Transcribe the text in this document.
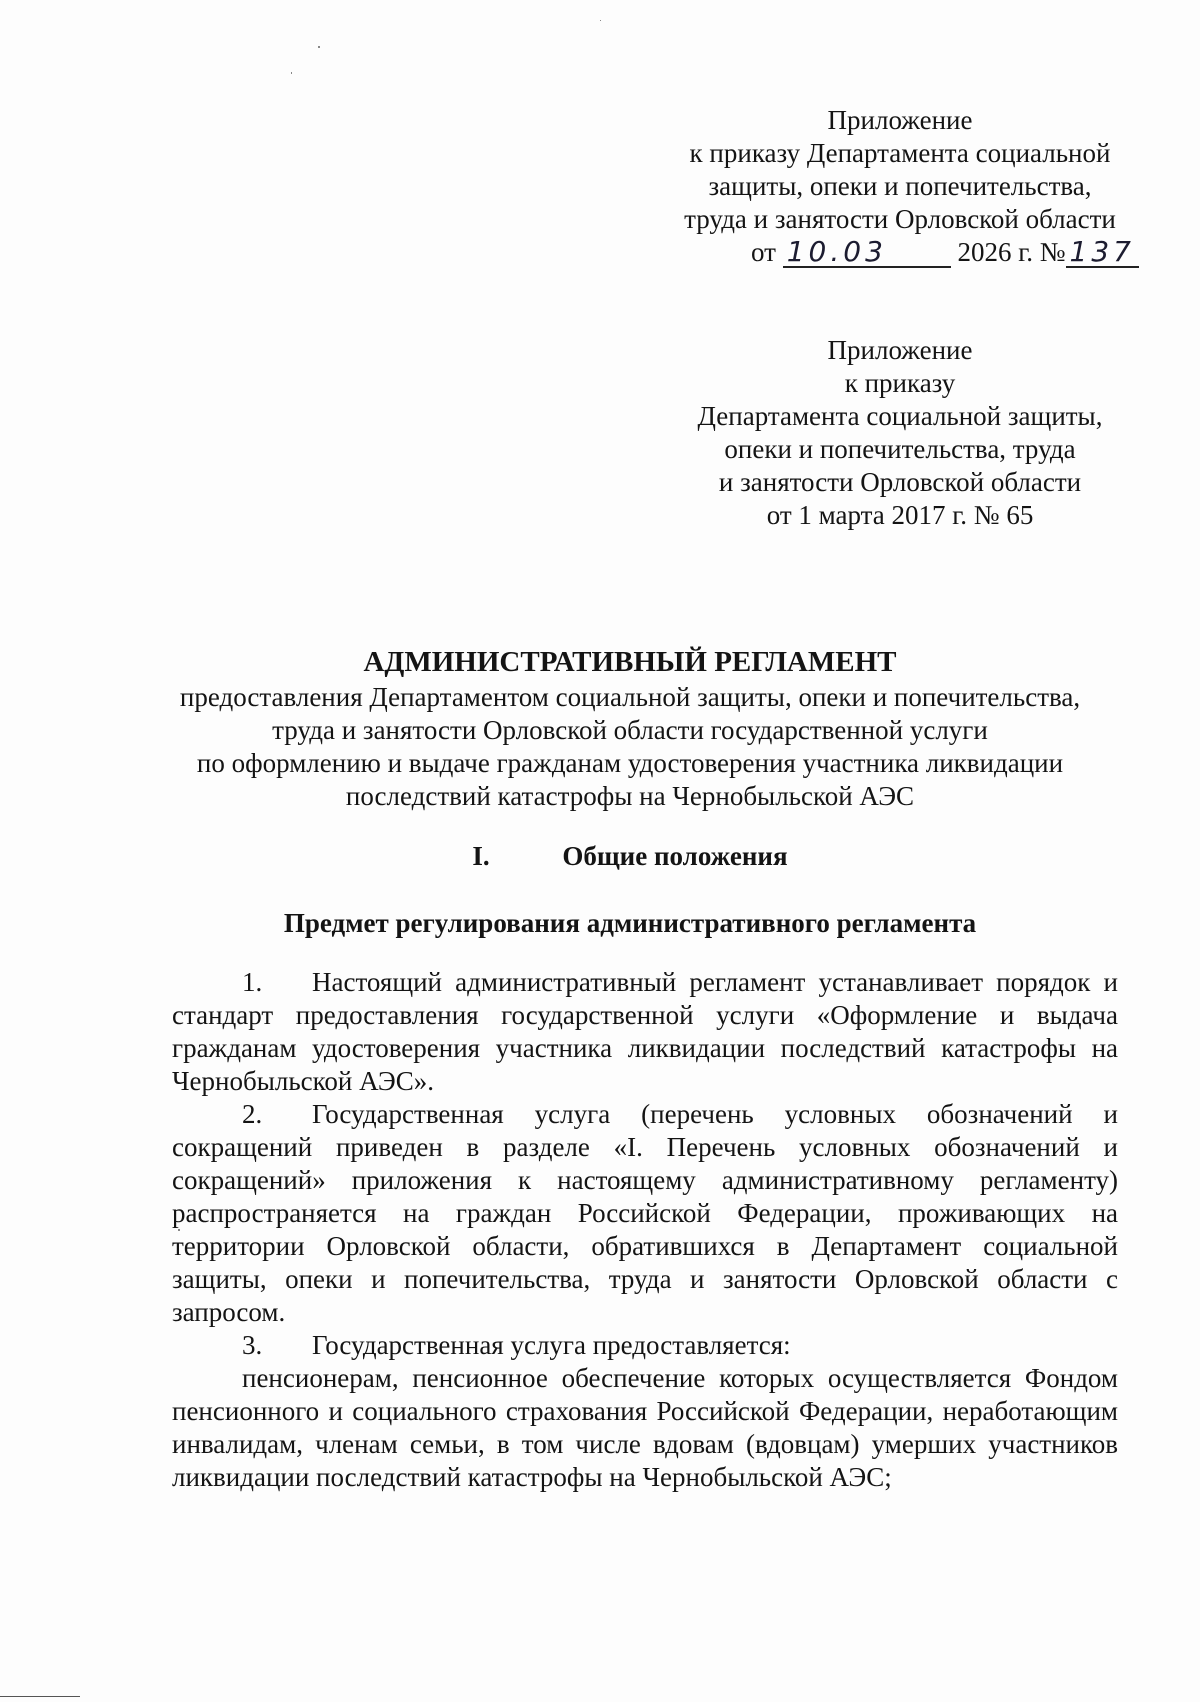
Приложение
к приказу Департамента социальной
защиты, опеки и попечительства,
труда и занятости Орловской области
от 10.03	2026 г. № 137
Приложение
к приказу
Департамента социальной защиты,
опеки и попечительства, труда
и занятости Орловской области
от 1 марта 2017 г. № 65
АДМИНИСТРАТИВНЫЙ РЕГЛАМЕНТ
предоставления Департаментом социальной защиты, опеки и попечительства,
труда и занятости Орловской области государственной услуги
по оформлению и выдаче гражданам удостоверения участника ликвидации
последствий катастрофы на Чернобыльской АЭС
I.	Общие положения
Предмет регулирования административного регламента

1. Настоящий административный регламент устанавливает порядок и стандарт предоставления государственной услуги «Оформление и выдача гражданам удостоверения участника ликвидации последствий катастрофы на Чернобыльской АЭС».

2. Государственная услуга (перечень условных обозначений и сокращений приведен в разделе «I. Перечень условных обозначений и сокращений» приложения к настоящему административному регламенту) распространяется на граждан Российской Федерации, проживающих на территории Орловской области, обратившихся в Департамент социальной защиты, опеки и попечительства, труда и занятости Орловской области с запросом.

3. Государственная услуга предоставляется:

пенсионерам, пенсионное обеспечение которых осуществляется Фондом пенсионного и социального страхования Российской Федерации, неработающим инвалидам, членам семьи, в том числе вдовам (вдовцам) умерших участников ликвидации последствий катастрофы на Чернобыльской АЭС;
